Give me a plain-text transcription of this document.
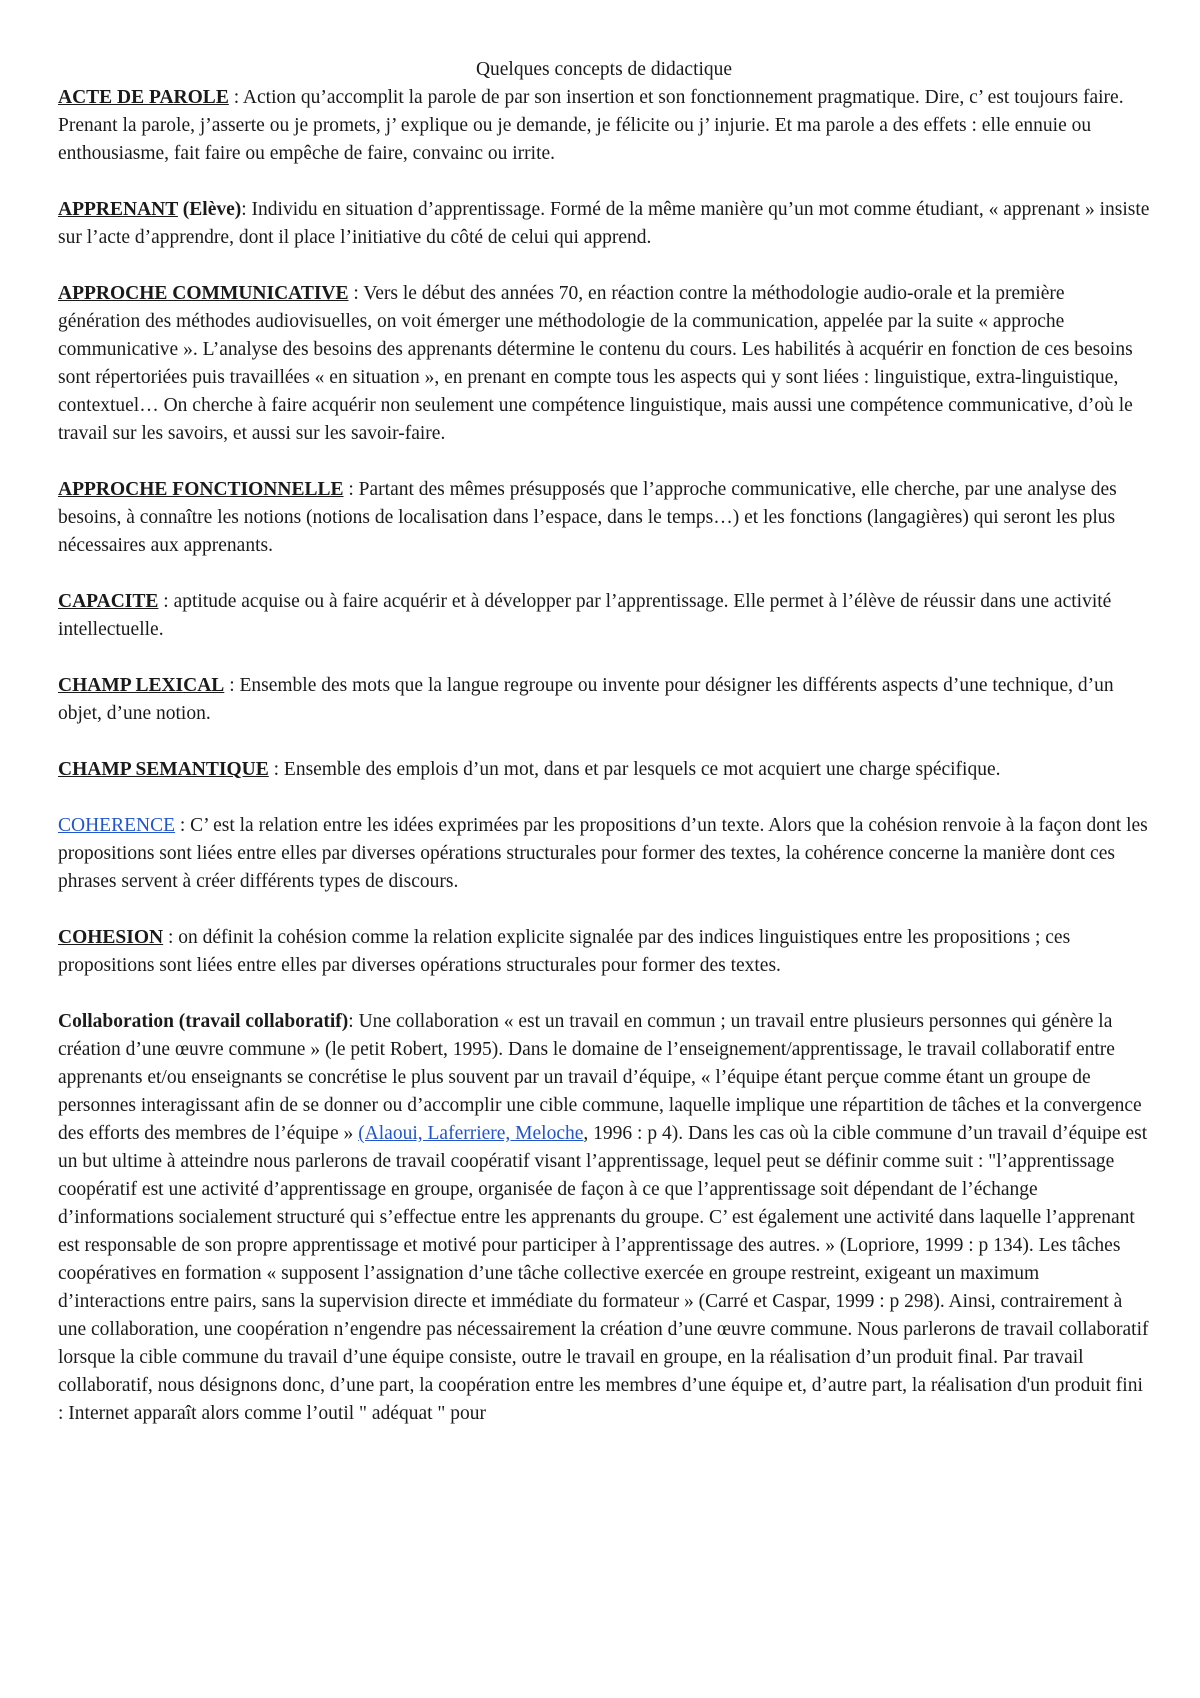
Quelques concepts de didactique

ACTE DE PAROLE : Action qu’accomplit la parole de par son insertion et son fonctionnement pragmatique. Dire, c’ est toujours faire. Prenant la parole, j’asserte ou je promets, j’ explique ou je demande, je félicite ou j’ injurie. Et ma parole a des effets : elle ennuie ou enthousiasme, fait faire ou empêche de faire, convainc ou irrite.

APPRENANT (Elève): Individu en situation d’apprentissage. Formé de la même manière qu’un mot comme étudiant, « apprenant » insiste sur l’acte d’apprendre, dont il place l’initiative du côté de celui qui apprend.

APPROCHE COMMUNICATIVE : Vers le début des années 70, en réaction contre la méthodologie audio-orale et la première génération des méthodes audiovisuelles, on voit émerger une méthodologie de la communication, appelée par la suite « approche communicative ». L’analyse des besoins des apprenants détermine le contenu du cours. Les habilités à acquérir en fonction de ces besoins sont répertoriées puis travaillées « en situation », en prenant en compte tous les aspects qui y sont liées : linguistique, extra-linguistique, contextuel… On cherche à faire acquérir non seulement une compétence linguistique, mais aussi une compétence communicative, d’où le travail sur les savoirs, et aussi sur les savoir-faire.

APPROCHE FONCTIONNELLE : Partant des mêmes présupposés que l’approche communicative, elle cherche, par une analyse des besoins, à connaître les notions (notions de localisation dans l’espace, dans le temps…) et les fonctions (langagières) qui seront les plus nécessaires aux apprenants.

CAPACITE : aptitude acquise ou à faire acquérir et à développer par l’apprentissage. Elle permet à l’élève de réussir dans une activité intellectuelle.

CHAMP LEXICAL : Ensemble des mots que la langue regroupe ou invente pour désigner les différents aspects d’une technique, d’un objet, d’une notion.

CHAMP SEMANTIQUE : Ensemble des emplois d’un mot, dans et par lesquels ce mot acquiert une charge spécifique.

COHERENCE : C’ est la relation entre les idées exprimées par les propositions d’un texte. Alors que la cohésion renvoie à la façon dont les propositions sont liées entre elles par diverses opérations structurales pour former des textes, la cohérence concerne la manière dont ces phrases servent à créer différents types de discours.

COHESION : on définit la cohésion comme la relation explicite signalée par des indices linguistiques entre les propositions ; ces propositions sont liées entre elles par diverses opérations structurales pour former des textes.

Collaboration (travail collaboratif): Une collaboration « est un travail en commun ; un travail entre plusieurs personnes qui génère la création d’une œuvre commune » (le petit Robert, 1995). Dans le domaine de l’enseignement/apprentissage, le travail collaboratif entre apprenants et/ou enseignants se concrétise le plus souvent par un travail d’équipe, « l’équipe étant perçue comme étant un groupe de personnes interagissant afin de se donner ou d’accomplir une cible commune, laquelle implique une répartition de tâches et la convergence des efforts des membres de l’équipe » (Alaoui, Laferriere, Meloche, 1996 : p 4). Dans les cas où la cible commune d’un travail d’équipe est un but ultime à atteindre nous parlerons de travail coopératif visant l’apprentissage, lequel peut se définir comme suit : "l’apprentissage coopératif est une activité d’apprentissage en groupe, organisée de façon à ce que l’apprentissage soit dépendant de l’échange d’informations socialement structuré qui s’effectue entre les apprenants du groupe. C’ est également une activité dans laquelle l’apprenant est responsable de son propre apprentissage et motivé pour participer à l’apprentissage des autres. » (Lopriore, 1999 : p 134). Les tâches coopératives en formation « supposent l’assignation d’une tâche collective exercée en groupe restreint, exigeant un maximum d’interactions entre pairs, sans la supervision directe et immédiate du formateur » (Carré et Caspar, 1999 : p 298). Ainsi, contrairement à une collaboration, une coopération n’engendre pas nécessairement la création d’une œuvre commune. Nous parlerons de travail collaboratif lorsque la cible commune du travail d’une équipe consiste, outre le travail en groupe, en la réalisation d’un produit final. Par travail collaboratif, nous désignons donc, d’une part, la coopération entre les membres d’une équipe et, d’autre part, la réalisation d'un produit fini : Internet apparaît alors comme l’outil " adéquat " pour
